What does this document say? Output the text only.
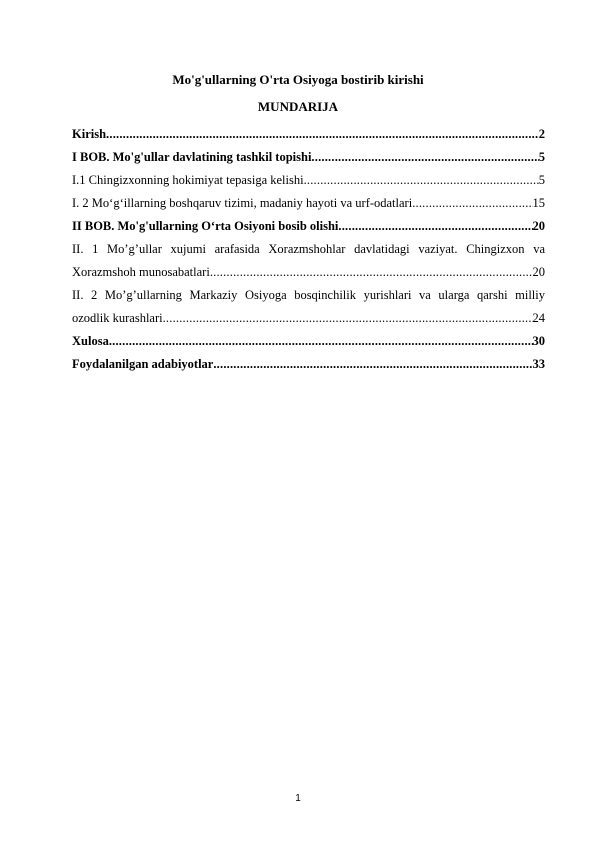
Mo'g'ullarning O'rta Osiyoga bostirib kirishi
MUNDARIJA
Kirish .....	2
I BOB. Mo'g'ullar davlatining tashkil topishi .....	5
I.1 Chingizxonning hokimiyat tepasiga kelishi .....	5
I. 2 Mo‘g‘illarning boshqaruv tizimi, madaniy hayoti va urf-odatlari .....	15
II BOB. Mo'g'ullarning O‘rta Osiyoni bosib olishi .....	20
II. 1 Mo’g’ullar xujumi arafasida Xorazmshohlar davlatidagi vaziyat. Chingizxon va
Xorazmshoh munosabatlari .....	20
II. 2 Mo’g’ullarning Markaziy Osiyoga bosqinchilik yurishlari va ularga qarshi milliy
ozodlik kurashlari .....	24
Xulosa .....	30
Foydalanilgan adabiyotlar .....	33
1
